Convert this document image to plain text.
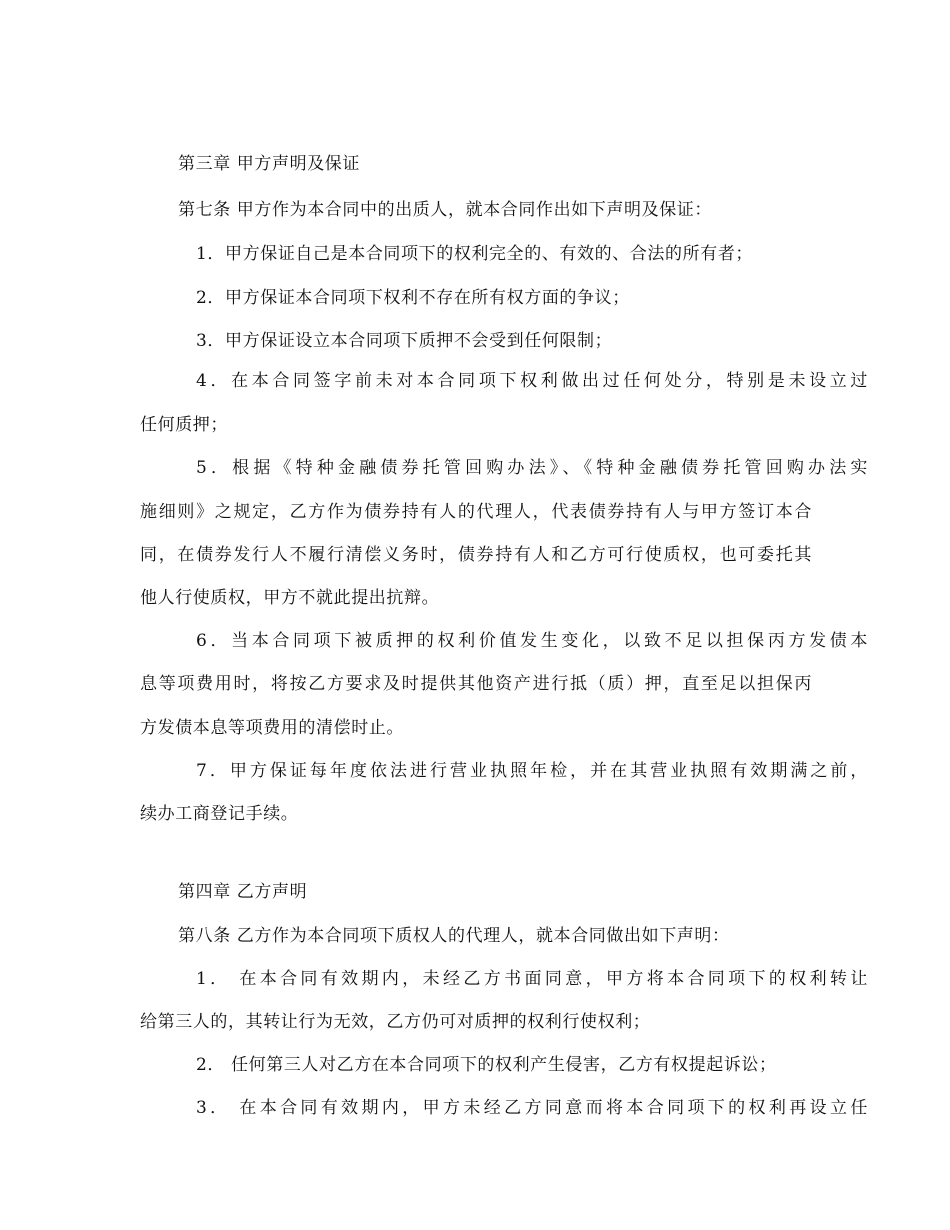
第三章 甲方声明及保证
第七条 甲方作为本合同中的出质人，就本合同作出如下声明及保证：
1．甲方保证自己是本合同项下的权利完全的、有效的、合法的所有者；
2．甲方保证本合同项下权利不存在所有权方面的争议；
3．甲方保证设立本合同项下质押不会受到任何限制；
4．在本合同签字前未对本合同项下权利做出过任何处分，特别是未设立过
任何质押；
5．根据《特种金融债券托管回购办法》、《特种金融债券托管回购办法实
施细则》之规定，乙方作为债券持有人的代理人，代表债券持有人与甲方签订本合
同，在债券发行人不履行清偿义务时，债券持有人和乙方可行使质权，也可委托其
他人行使质权，甲方不就此提出抗辩。
6．当本合同项下被质押的权利价值发生变化，以致不足以担保丙方发债本
息等项费用时，将按乙方要求及时提供其他资产进行抵（质）押，直至足以担保丙
方发债本息等项费用的清偿时止。
7．甲方保证每年度依法进行营业执照年检，并在其营业执照有效期满之前，
续办工商登记手续。
第四章 乙方声明
第八条 乙方作为本合同项下质权人的代理人，就本合同做出如下声明：
1． 在本合同有效期内，未经乙方书面同意，甲方将本合同项下的权利转让
给第三人的，其转让行为无效，乙方仍可对质押的权利行使权利；
2． 任何第三人对乙方在本合同项下的权利产生侵害，乙方有权提起诉讼；
3． 在本合同有效期内，甲方未经乙方同意而将本合同项下的权利再设立任
